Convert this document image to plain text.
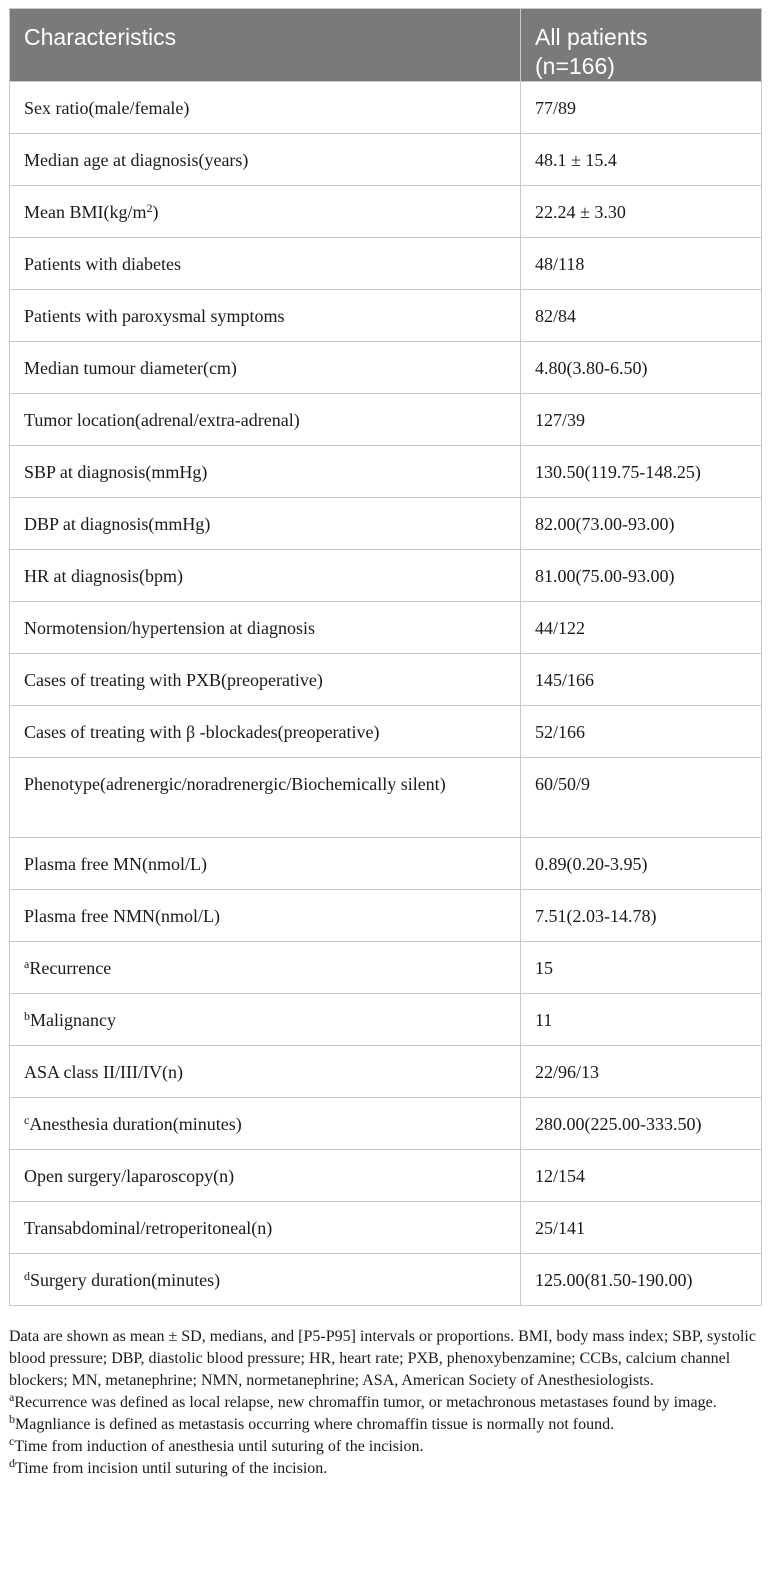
Characteristics	All patients
(n=166)
Sex ratio(male/female)	77/89
Median age at diagnosis(years)	48.1 ± 15.4
Mean $BMI(kg/m^2)$	22.24 ± 3.30
Patients with diabetes	48/118
Patients with paroxysmal symptoms	82/84
Median tumour diameter(cm)	4.80(3.80-6.50)
Tumor location(adrenal/extra-adrenal)	127/39
SBP at diagnosis(mmHg)	130.50(119.75-148.25)
DBP at diagnosis(mmHg)	82.00(73.00-93.00)
HR at diagnosis(bpm)	81.00(75.00-93.00)
Normotension/hypertension at diagnosis	44/122
Cases of treating with PXB(preoperative)	145/166
Cases of treating with β -blockades(preoperative)	52/166
Phenotype(adrenergic/noradrenergic/Biochemically silent)	60/50/9
Plasma free MN(nmol/L)	0.89(0.20-3.95)
Plasma free NMN(nmol/L)	7.51(2.03-14.78)
$^a$Recurrence	15
$^b$Malignancy	11
ASA class II/III/IV(n)	22/96/13
$^c$Anesthesia duration(minutes)	280.00(225.00-333.50)
Open surgery/laparoscopy(n)	12/154
Transabdominal/retroperitoneal(n)	25/141
$^d$Surgery duration(minutes)	125.00(81.50-190.00)

Data are shown as mean ± SD, medians, and [P5-P95] intervals or proportions. BMI, body mass index; SBP, systolic blood pressure; DBP, diastolic blood pressure; HR, heart rate; PXB, phenoxybenzamine; CCBs, calcium channel blockers; MN, metanephrine; NMN, normetanephrine; ASA, American Society of Anesthesiologists.

$^a$Recurrence was defined as local relapse, new chromaffin tumor, or metachronous metastases found by image.

$^b$Magnliance is defined as metastasis occurring where chromaffin tissue is normally not found.

$^c$Time from induction of anesthesia until suturing of the incision.

$^d$Time from incision until suturing of the incision.
